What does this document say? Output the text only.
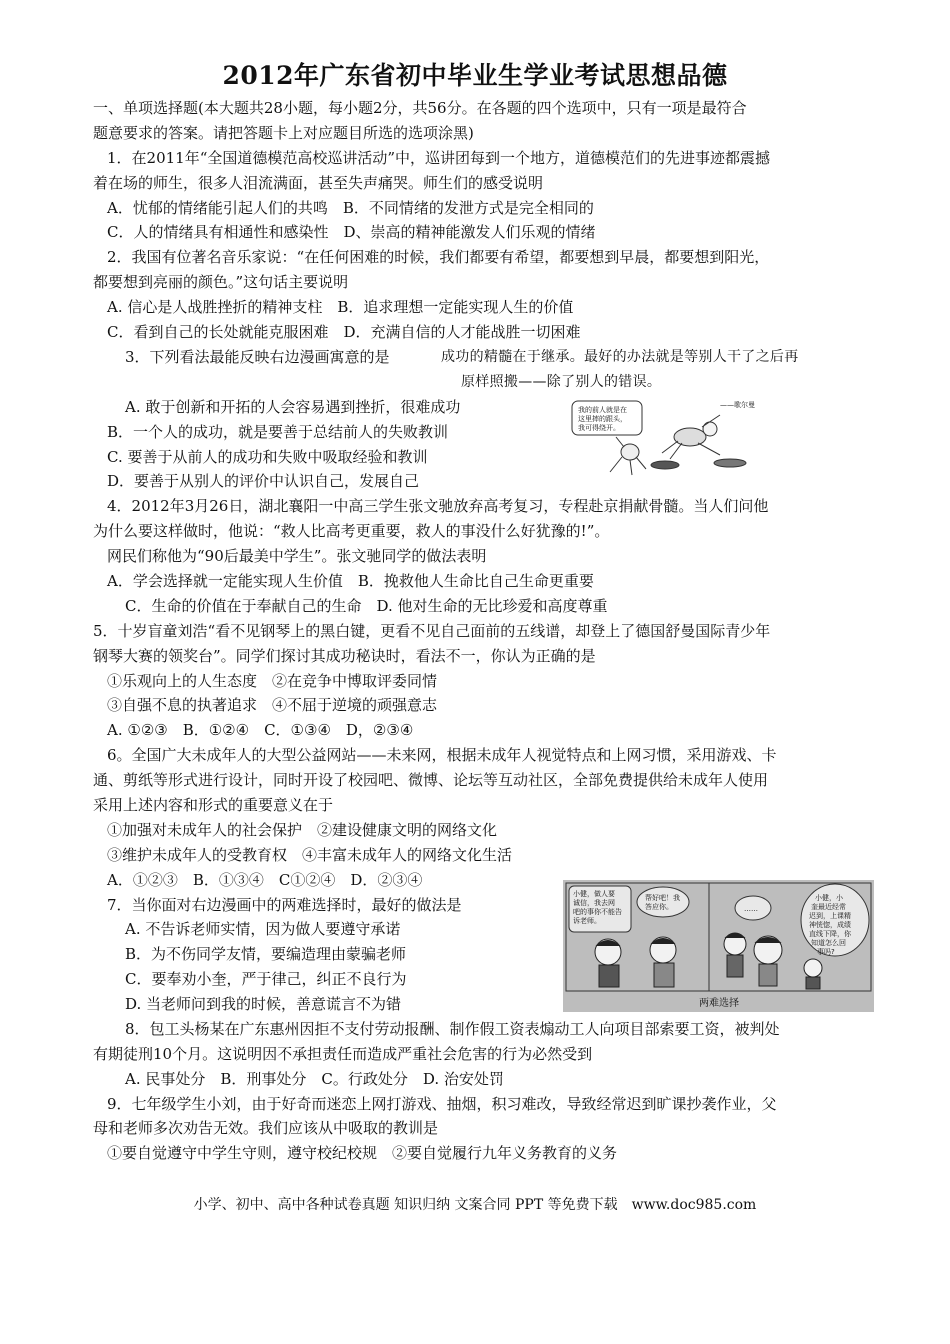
2012年广东省初中毕业生学业考试思想品德
一、单项选择题(本大题共28小题，每小题2分，共56分。在各题的四个选项中，只有一项是最符合
题意要求的答案。请把答题卡上对应题目所选的选项涂黑)
1．在2011年“全国道德模范高校巡讲活动”中，巡讲团每到一个地方，道德模范们的先进事迹都震撼
着在场的师生，很多人泪流满面，甚至失声痛哭。师生们的感受说明
A．忧郁的情绪能引起人们的共鸣　B．不同情绪的发泄方式是完全相同的
C．人的情绪具有相通性和感染性　D、崇高的精神能激发人们乐观的情绪
2．我国有位著名音乐家说：“在任何困难的时候，我们都要有希望，都要想到早晨，都要想到阳光，
都要想到亮丽的颜色。”这句话主要说明
A. 信心是人战胜挫折的精神支柱　B．追求理想一定能实现人生的价值
C．看到自己的长处就能克服困难　D．充满自信的人才能战胜一切困难
3．下列看法最能反映右边漫画寓意的是	成功的精髓在于继承。最好的办法就是等别人干了之后再
原样照搬——除了别人的错误。
A. 敢于创新和开拓的人会容易遇到挫折，很难成功
B．一个人的成功，就是要善于总结前人的失败教训
C. 要善于从前人的成功和失败中吸取经验和教训
D．要善于从别人的评价中认识自己，发展自己
我的前人就是在
这里摔的跟头，
我可得绕开。
——歌尔曼
4．2012年3月26日，湖北襄阳一中高三学生张文驰放弃高考复习，专程赴京捐献骨髓。当人们问他
为什么要这样做时，他说：“救人比高考更重要，救人的事没什么好犹豫的!”。
网民们称他为“90后最美中学生”。张文驰同学的做法表明
A．学会选择就一定能实现人生价值　B．挽救他人生命比自己生命更重要
C．生命的价值在于奉献自己的生命　D. 他对生命的无比珍爱和高度尊重
5．十岁盲童刘浩“看不见钢琴上的黑白键，更看不见自己面前的五线谱，却登上了德国舒曼国际青少年
钢琴大赛的领奖台”。同学们探讨其成功秘诀时，看法不一，你认为正确的是
①乐观向上的人生态度　②在竞争中博取评委同情
③自强不息的执著追求　④不屈于逆境的顽强意志
A. ①②③　B．①②④　C．①③④　D，②③④
6。全国广大未成年人的大型公益网站——未来网，根据未成年人视觉特点和上网习惯，采用游戏、卡
通、剪纸等形式进行设计，同时开设了校园吧、微博、论坛等互动社区，全部免费提供给未成年人使用
采用上述内容和形式的重要意义在于
①加强对未成年人的社会保护　②建设健康文明的网络文化
③维护未成年人的受教育权　④丰富未成年人的网络文化生活
A．①②③　B．①③④　C①②④　D．②③④
7．当你面对右边漫画中的两难选择时，最好的做法是
A. 不告诉老师实情，因为做人要遵守承诺
B．为不伤同学友情，要编造理由蒙骗老师
C．要奉劝小奎，严于律己，纠正不良行为
D. 当老师问到我的时候，善意谎言不为错
小健，做人要
诚信，我去网
吧的事你不能告
诉老师。
帮好吧！我
答应你。	……
小健，小
奎最近经常
迟到，上课精
神恍惚，成绩
直线下降，你
知道怎么回
事吗?
两难选择
8．包工头杨某在广东惠州因拒不支付劳动报酬、制作假工资表煽动工人向项目部索要工资，被判处
有期徒刑10个月。这说明因不承担责任而造成严重社会危害的行为必然受到
A. 民事处分　B．刑事处分　C。行政处分　D. 治安处罚
9．七年级学生小刘，由于好奇而迷恋上网打游戏、抽烟，积习难改，导致经常迟到旷课抄袭作业，父
母和老师多次劝告无效。我们应该从中吸取的教训是
①要自觉遵守中学生守则，遵守校纪校规　②要自觉履行九年义务教育的义务
小学、初中、高中各种试卷真题 知识归纳 文案合同 PPT 等免费下载　www.doc985.com
